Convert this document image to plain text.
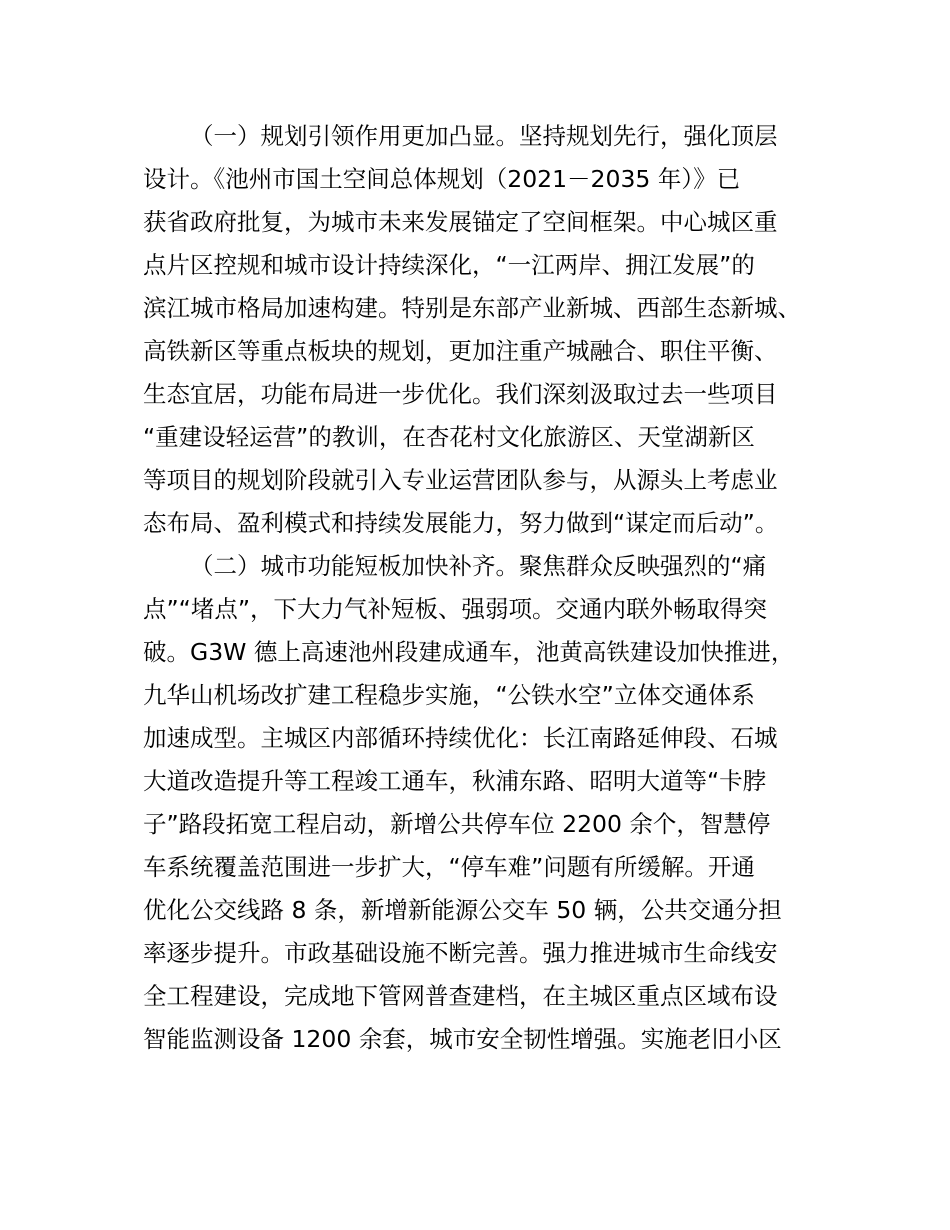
（一）规划引领作用更加凸显。坚持规划先行，强化顶层
设计。《池州市国土空间总体规划（2021－2035 年）》已
获省政府批复，为城市未来发展锚定了空间框架。中心城区重
点片区控规和城市设计持续深化，“一江两岸、拥江发展”的
滨江城市格局加速构建。特别是东部产业新城、西部生态新城、
高铁新区等重点板块的规划，更加注重产城融合、职住平衡、
生态宜居，功能布局进一步优化。我们深刻汲取过去一些项目
“重建设轻运营”的教训，在杏花村文化旅游区、天堂湖新区
等项目的规划阶段就引入专业运营团队参与，从源头上考虑业
态布局、盈利模式和持续发展能力，努力做到“谋定而后动”。
（二）城市功能短板加快补齐。聚焦群众反映强烈的“痛
点”“堵点”，下大力气补短板、强弱项。交通内联外畅取得突
破。G3W 德上高速池州段建成通车，池黄高铁建设加快推进，
九华山机场改扩建工程稳步实施，“公铁水空”立体交通体系
加速成型。主城区内部循环持续优化：长江南路延伸段、石城
大道改造提升等工程竣工通车，秋浦东路、昭明大道等“卡脖
子”路段拓宽工程启动，新增公共停车位 2200 余个，智慧停
车系统覆盖范围进一步扩大，“停车难”问题有所缓解。开通
优化公交线路 8 条，新增新能源公交车 50 辆，公共交通分担
率逐步提升。市政基础设施不断完善。强力推进城市生命线安
全工程建设，完成地下管网普查建档，在主城区重点区域布设
智能监测设备 1200 余套，城市安全韧性增强。实施老旧小区
